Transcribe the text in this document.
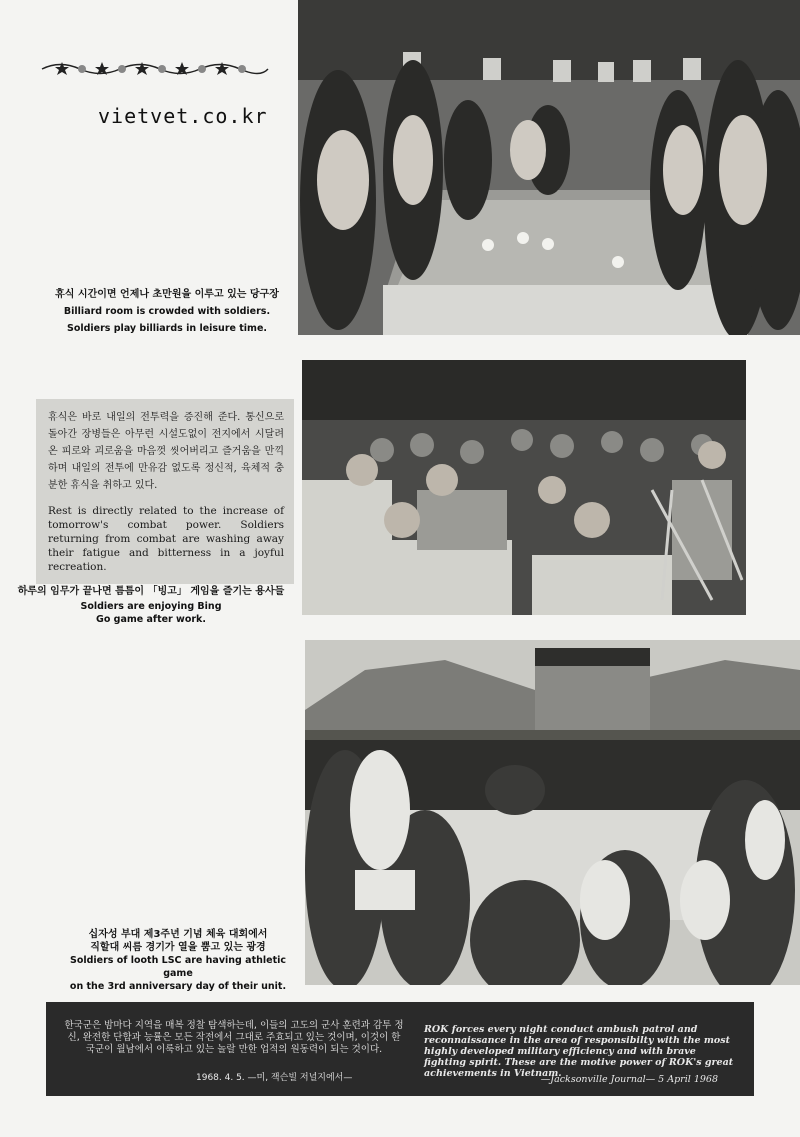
vietvet.co.kr
휴식 시간이면 언제나 초만원을 이루고 있는 당구장
Billiard room is crowded with soldiers.
Soldiers play billiards in leisure time.
휴식은 바로 내일의 전투력을 증진해 준다. 통신으로 돌아간 장병들은 아무런 시설도없이 전지에서 시달려온 피로와 괴로움을 마음껏 씻어버리고 즐거움을 만끽하며 내일의 전투에 만유감 없도록 정신적, 육체적 충분한 휴식을 취하고 있다.
Rest is directly related to the increase of tomorrow's combat power. Soldiers returning from combat are washing away their fatigue and bitterness in a joyful recreation.
하루의 임무가 끝나면 틈틈이 「빙고」 게임을 즐기는 용사들
Soldiers are enjoying Bing
Go game after work.
십자성 부대 제3주년 기념 체육 대회에서
직할대 씨름 경기가 열을 뿜고 있는 광경
Soldiers of looth LSC are having athletic game
on the 3rd anniversary day of their unit.
한국군은 밤마다 지역을 매복 정찰 탐색하는데, 이들의 고도의 군사 훈련과 감투 정신, 완전한 단합과 능률은 모든 작전에서 그대로 주효되고 있는 것이며, 이것이 한국군이 월남에서 이룩하고 있는 놀랄 만한 업적의 원동력이 되는 것이다.
1968. 4. 5. —미, 잭슨빌 저널지에서—
ROK forces every night conduct ambush patrol and reconnaissance in the area of responsibilty with the most highly developed military efficiency and with brave fighting spirit. These are the motive power of ROK's great achievements in Vietnam.
—Jacksonville Journal— 5 April 1968
